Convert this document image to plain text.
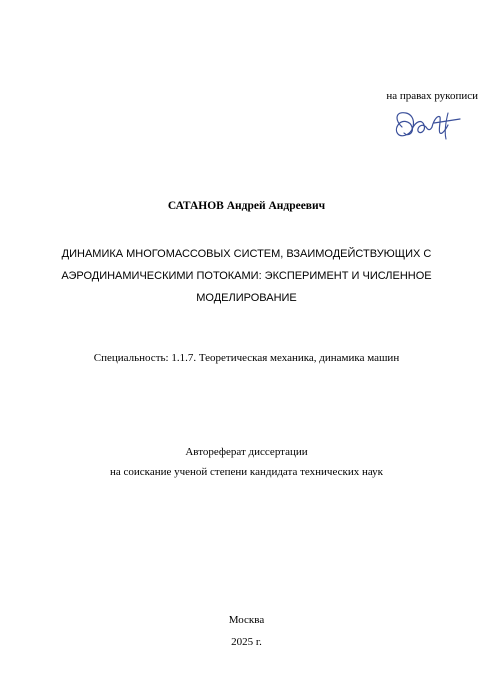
на правах рукописи
САТАНОВ Андрей Андреевич
ДИНАМИКА МНОГОМАССОВЫХ СИСТЕМ, ВЗАИМОДЕЙСТВУЮЩИХ С
АЭРОДИНАМИЧЕСКИМИ ПОТОКАМИ: ЭКСПЕРИМЕНТ И ЧИСЛЕННОЕ
МОДЕЛИРОВАНИЕ
Специальность: 1.1.7. Теоретическая механика, динамика машин
Автореферат диссертации
на соискание ученой степени кандидата технических наук
Москва
2025 г.
